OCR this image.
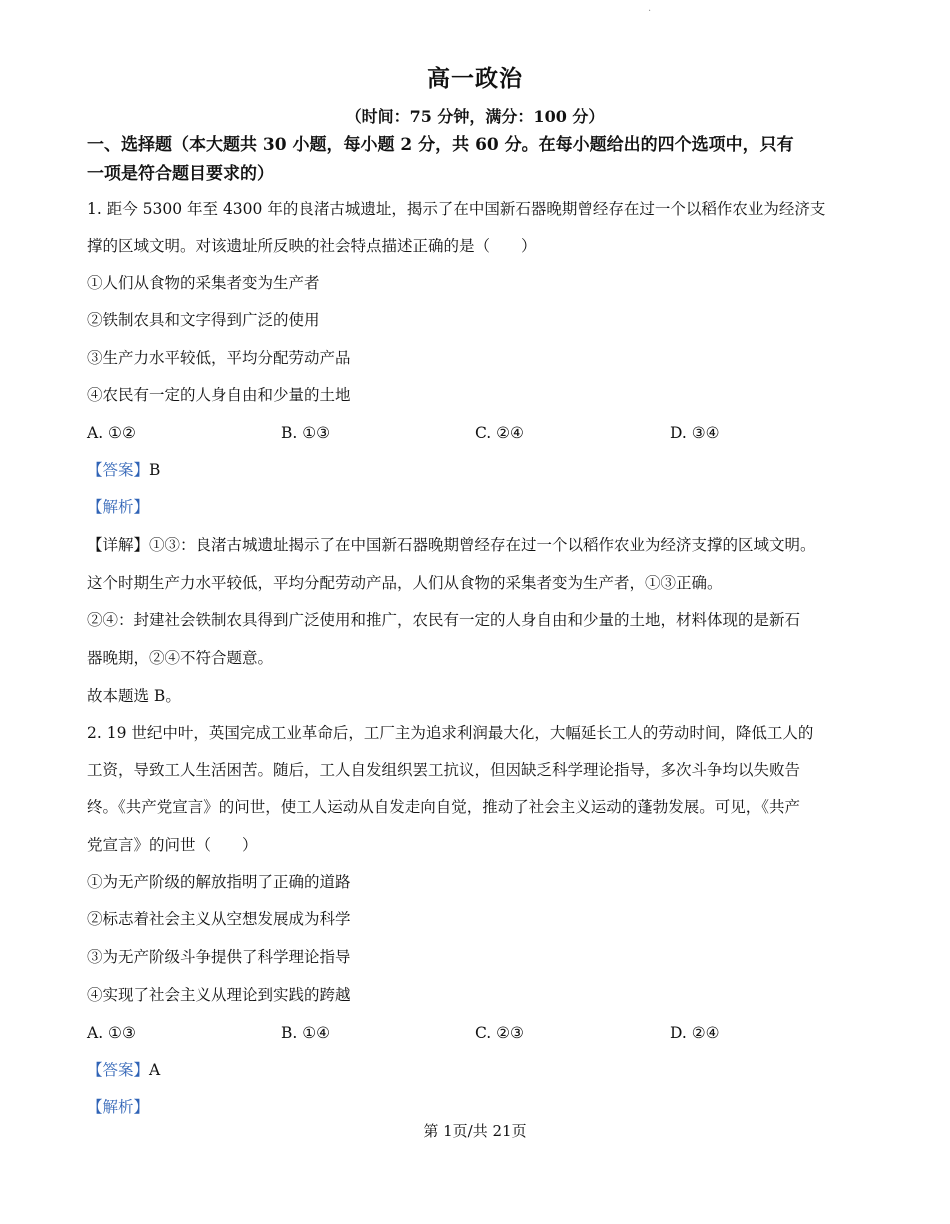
·
高一政治
（时间：75 分钟，满分：100 分）
一、选择题（本大题共 30 小题，每小题 2 分，共 60 分。在每小题给出的四个选项中，只有
一项是符合题目要求的）
1. 距今 5300 年至 4300 年的良渚古城遗址，揭示了在中国新石器晚期曾经存在过一个以稻作农业为经济支
撑的区域文明。对该遗址所反映的社会特点描述正确的是（　　）
①人们从食物的采集者变为生产者
②铁制农具和文字得到广泛的使用
③生产力水平较低，平均分配劳动产品
④农民有一定的人身自由和少量的土地
A. ①②	B. ①③	C. ②④	D. ③④
【答案】B
【解析】
【详解】①③：良渚古城遗址揭示了在中国新石器晚期曾经存在过一个以稻作农业为经济支撑的区域文明。
这个时期生产力水平较低，平均分配劳动产品，人们从食物的采集者变为生产者，①③正确。
②④：封建社会铁制农具得到广泛使用和推广，农民有一定的人身自由和少量的土地，材料体现的是新石
器晚期，②④不符合题意。
故本题选 B。
2. 19 世纪中叶，英国完成工业革命后，工厂主为追求利润最大化，大幅延长工人的劳动时间，降低工人的
工资，导致工人生活困苦。随后，工人自发组织罢工抗议，但因缺乏科学理论指导，多次斗争均以失败告
终。《共产党宣言》的问世，使工人运动从自发走向自觉，推动了社会主义运动的蓬勃发展。可见，《共产
党宣言》的问世（　　）
①为无产阶级的解放指明了正确的道路
②标志着社会主义从空想发展成为科学
③为无产阶级斗争提供了科学理论指导
④实现了社会主义从理论到实践的跨越
A. ①③	B. ①④	C. ②③	D. ②④
【答案】A
【解析】
第 1页/共 21页
